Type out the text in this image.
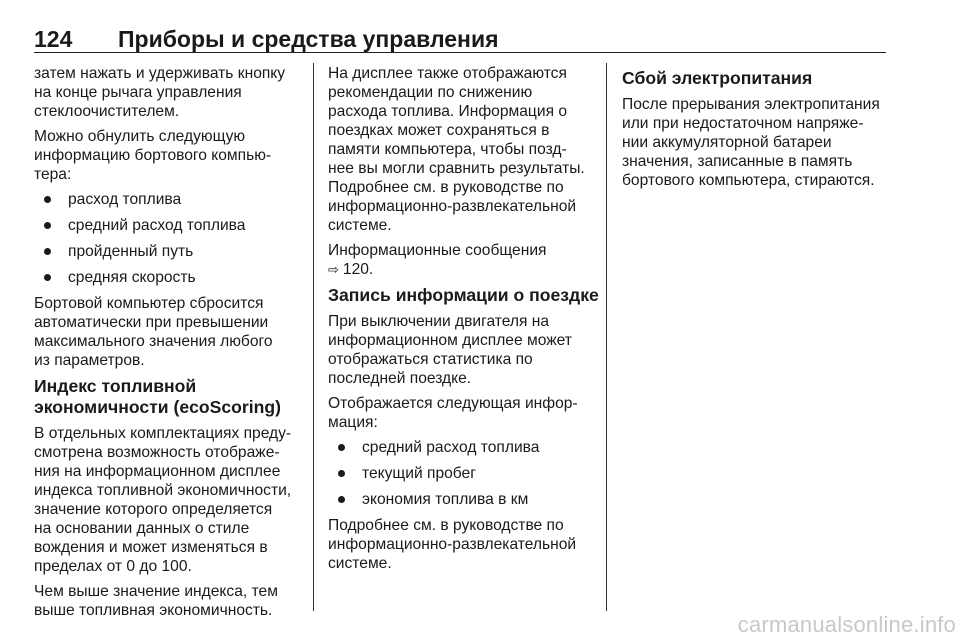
124 Приборы и средства управления
затем нажать и удерживать кнопку
на конце рычага управления
стеклоочистителем.
Можно обнулить следующую
информацию бортового компью-
тера:
расход топлива
средний расход топлива
пройденный путь
средняя скорость
Бортовой компьютер сбросится
автоматически при превышении
максимального значения любого
из параметров.
Индекс топливной
экономичности (ecoScoring)
В отдельных комплектациях преду-
смотрена возможность отображе-
ния на информационном дисплее
индекса топливной экономичности,
значение которого определяется
на основании данных о стиле
вождения и может изменяться в
пределах от 0 до 100.
Чем выше значение индекса, тем
выше топливная экономичность.
На дисплее также отображаются
рекомендации по снижению
расхода топлива. Информация о
поездках может сохраняться в
памяти компьютера, чтобы позд-
нее вы могли сравнить результаты.
Подробнее см. в руководстве по
информационно-развлекательной
системе.
Информационные сообщения
⇨ 120.
Запись информации о поездке
При выключении двигателя на
информационном дисплее может
отображаться статистика по
последней поездке.
Отображается следующая инфор-
мация:
средний расход топлива
текущий пробег
экономия топлива в км
Подробнее см. в руководстве по
информационно-развлекательной
системе.
Сбой электропитания
После прерывания электропитания
или при недостаточном напряже-
нии аккумуляторной батареи
значения, записанные в память
бортового компьютера, стираются.
carmanualsonline.info
